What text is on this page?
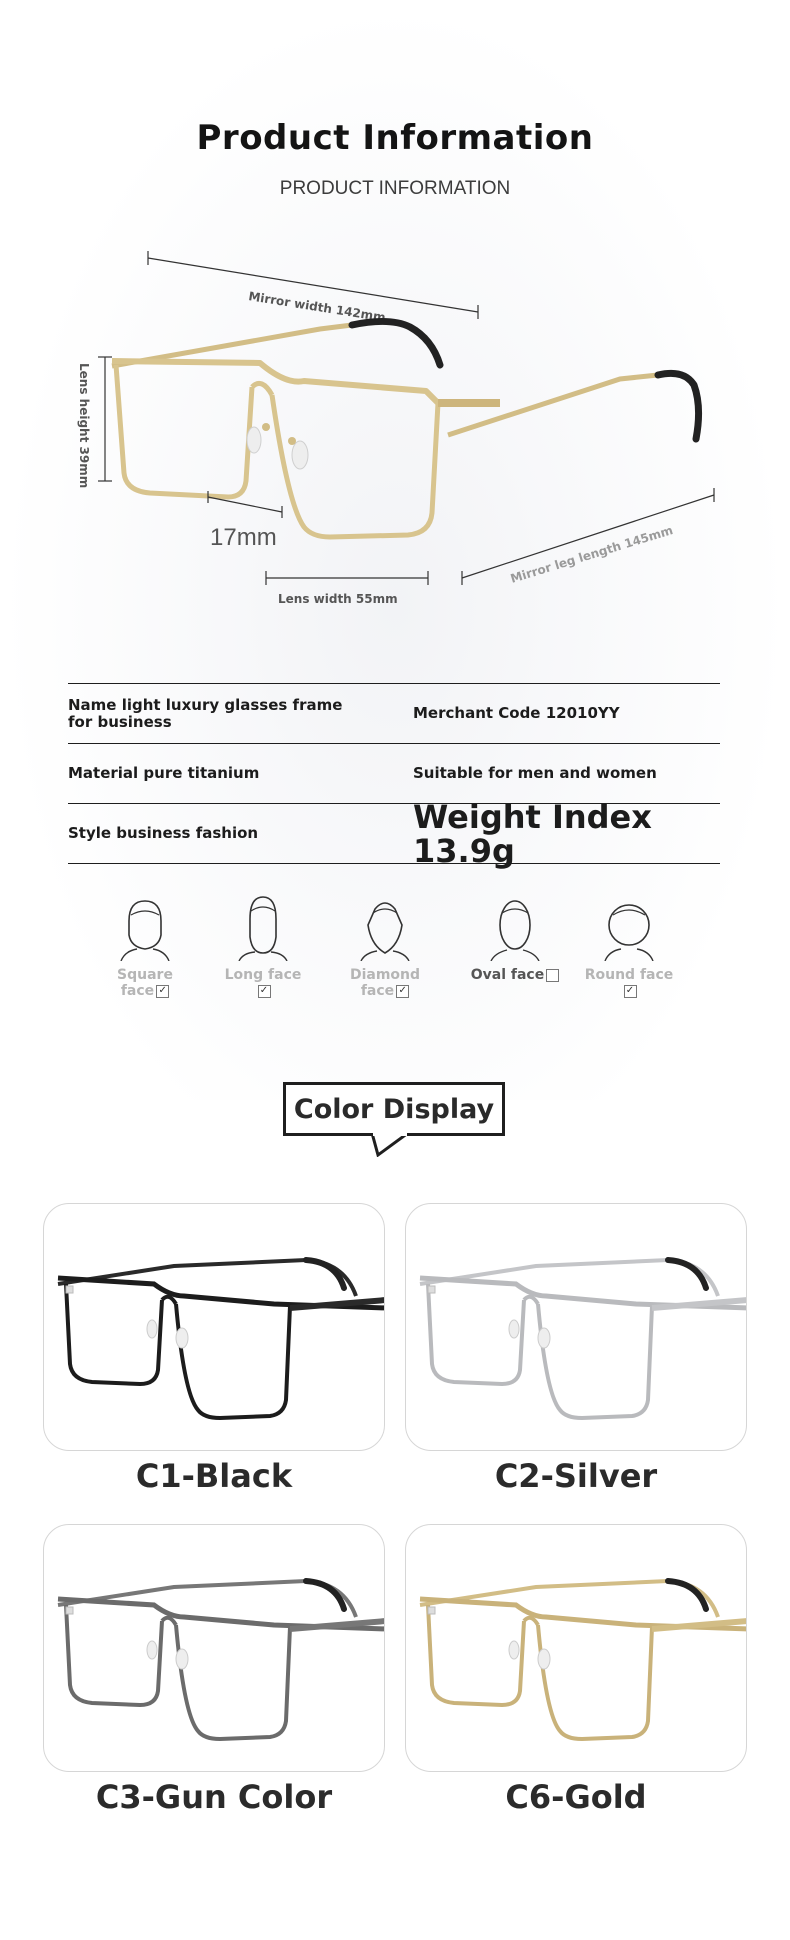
Product Information
PRODUCT INFORMATION
Mirror width 142mm
Lens height 39mm
17mm
Lens width 55mm
Mirror leg length 145mm
Name light luxury glasses frame for business	Merchant Code 12010YY
Material pure titanium	Suitable for men and women
Style business fashion	Weight Index 13.9g
Square face ✓
Long face✓
Diamond face ✓
Oval face	Round face✓
Color Display
C1-Black	C2-Silver
C3-Gun Color	C6-Gold
